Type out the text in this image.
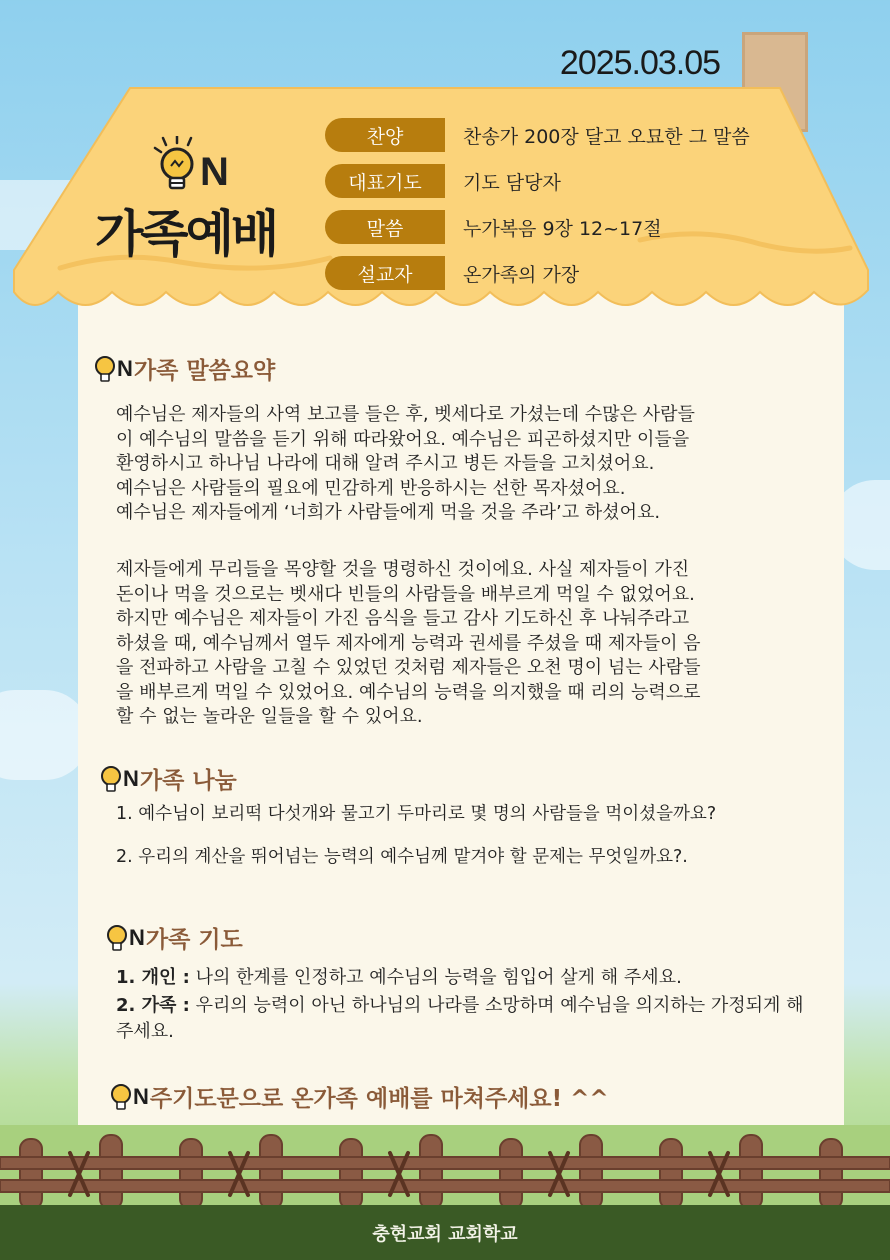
2025.03.05
N
가족예배
찬양	찬송가 200장 달고 오묘한 그 말씀
대표기도	기도 담당자
말씀	누가복음 9장 12~17절
설교자	온가족의 가장
N 가족 말씀요약
예수님은 제자들의 사역 보고를 들은 후, 벳세다로 가셨는데 수많은 사람들
이 예수님의 말씀을 듣기 위해 따라왔어요. 예수님은 피곤하셨지만 이들을
환영하시고 하나님 나라에 대해 알려 주시고 병든 자들을 고치셨어요.
예수님은 사람들의 필요에 민감하게 반응하시는 선한 목자셨어요.
예수님은 제자들에게 ‘너희가 사람들에게 먹을 것을 주라’고 하셨어요.
제자들에게 무리들을 목양할 것을 명령하신 것이에요. 사실 제자들이 가진
돈이나 먹을 것으로는 벳새다 빈들의 사람들을 배부르게 먹일 수 없었어요.
하지만 예수님은 제자들이 가진 음식을 들고 감사 기도하신 후 나눠주라고
하셨을 때, 예수님께서 열두 제자에게 능력과 권세를 주셨을 때 제자들이 음
을 전파하고 사람을 고칠 수 있었던 것처럼 제자들은 오천 명이 넘는 사람들
을 배부르게 먹일 수 있었어요. 예수님의 능력을 의지했을 때 리의 능력으로
할 수 없는 놀라운 일들을 할 수 있어요.
N 가족 나눔
1. 예수님이 보리떡 다섯개와 물고기 두마리로 몇 명의 사람들을 먹이셨을까요?
2. 우리의 계산을 뛰어넘는 능력의 예수님께 맡겨야 할 문제는 무엇일까요?.
N 가족 기도
1. 개인 : 나의 한계를 인정하고 예수님의 능력을 힘입어 살게 해 주세요.
2. 가족 : 우리의 능력이 아닌 하나님의 나라를 소망하며 예수님을 의지하는 가정되게 해 주세요.
N 주기도문으로 온가족 예배를 마쳐주세요! ^^
충현교회 교회학교
